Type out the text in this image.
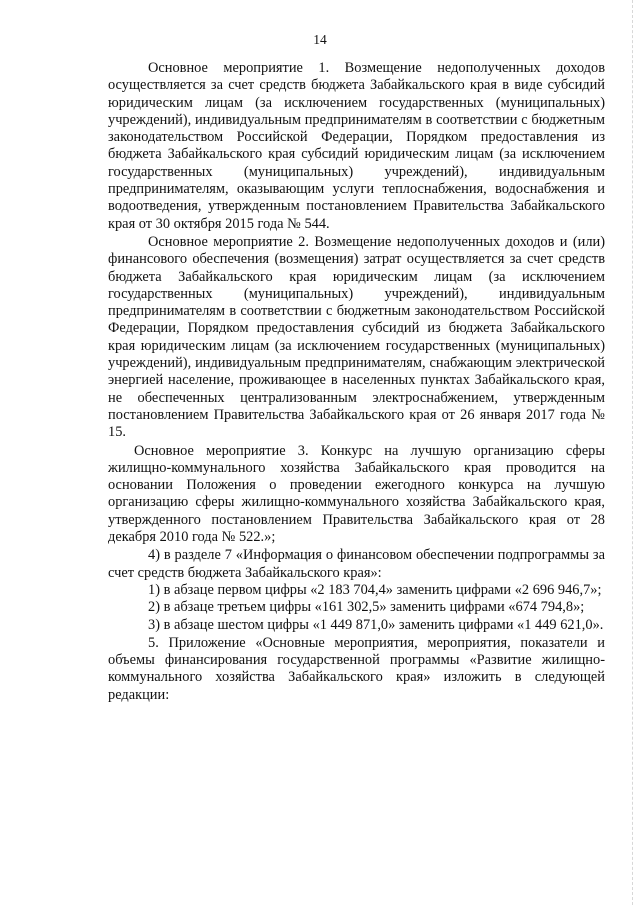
14

Основное мероприятие 1. Возмещение недополученных доходов осуществляется за счет средств бюджета Забайкальского края в виде субсидий юридическим лицам (за исключением государственных (муниципальных) учреждений), индивидуальным предпринимателям в соответствии с бюджетным законодательством Российской Федерации, Порядком предоставления из бюджета Забайкальского края субсидий юридическим лицам (за исключением государственных (муниципальных) учреждений), индивидуальным предпринимателям, оказывающим услуги теплоснабжения, водоснабжения и водоотведения, утвержденным постановлением Правительства Забайкальского края от 30 октября 2015 года № 544.

Основное мероприятие 2. Возмещение недополученных доходов и (или) финансового обеспечения (возмещения) затрат осуществляется за счет средств бюджета Забайкальского края юридическим лицам (за исключением государственных (муниципальных) учреждений), индивидуальным предпринимателям в соответствии с бюджетным законодательством Российской Федерации, Порядком предоставления субсидий из бюджета Забайкальского края юридическим лицам (за исключением государственных (муниципальных) учреждений), индивидуальным предпринимателям, снабжающим электрической энергией население, проживающее в населенных пунктах Забайкальского края, не обеспеченных централизованным электроснабжением, утвержденным постановлением Правительства Забайкальского края от 26 января 2017 года № 15.

Основное мероприятие 3. Конкурс на лучшую организацию сферы жилищно-коммунального хозяйства Забайкальского края проводится на основании Положения о проведении ежегодного конкурса на лучшую организацию сферы жилищно-коммунального хозяйства Забайкальского края, утвержденного постановлением Правительства Забайкальского края от 28 декабря 2010 года № 522.»;

4) в разделе 7 «Информация о финансовом обеспечении подпрограммы за счет средств бюджета Забайкальского края»:

1) в абзаце первом цифры «2 183 704,4» заменить цифрами «2 696 946,7»;

2) в абзаце третьем цифры «161 302,5» заменить цифрами «674 794,8»;

3) в абзаце шестом цифры «1 449 871,0» заменить цифрами «1 449 621,0».

5. Приложение «Основные мероприятия, мероприятия, показатели и объемы финансирования государственной программы «Развитие жилищно-коммунального хозяйства Забайкальского края» изложить в следующей редакции:
